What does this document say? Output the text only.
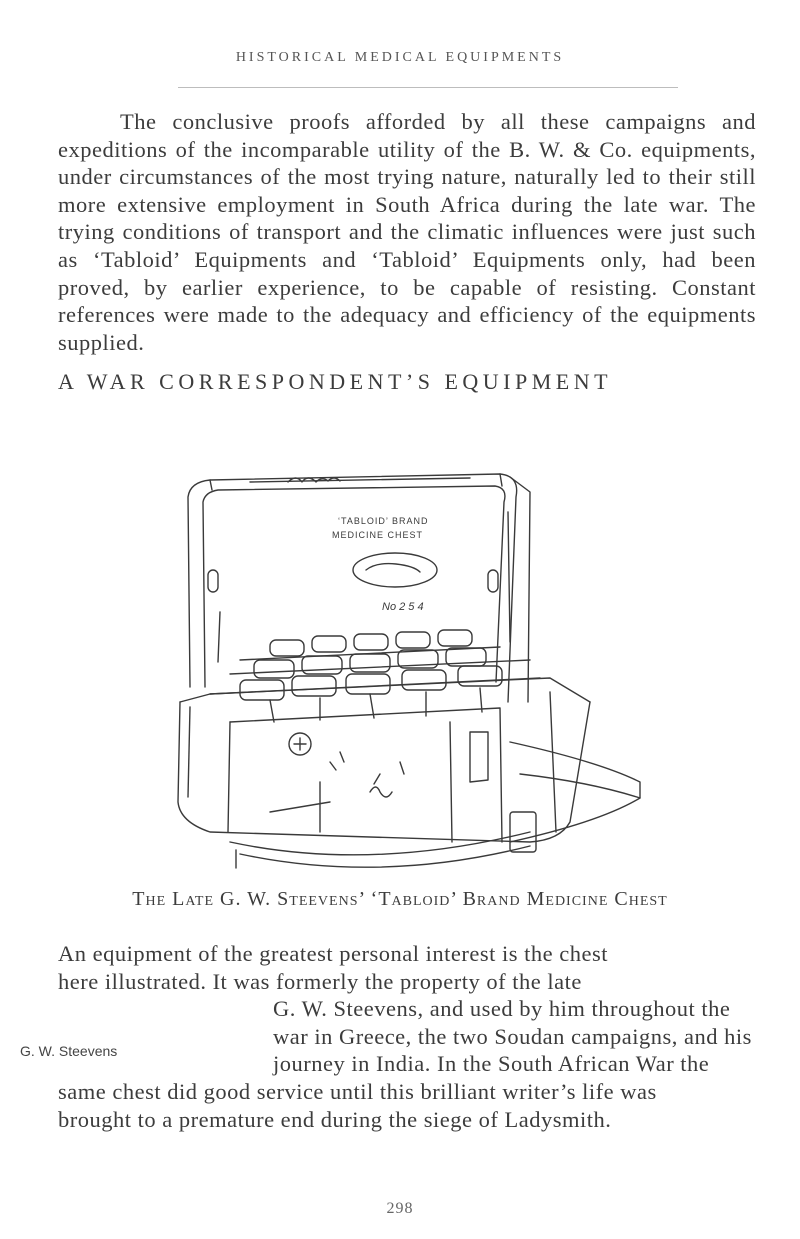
HISTORICAL MEDICAL EQUIPMENTS

The conclusive proofs afforded by all these campaigns and expeditions of the incomparable utility of the B. W. & Co. equipments, under circumstances of the most trying nature, naturally led to their still more extensive employment in South Africa during the late war. The trying conditions of transport and the climatic influences were just such as ‘Tabloid’ Equipments and ‘Tabloid’ Equipments only, had been proved, by earlier experience, to be capable of resisting. Constant references were made to the adequacy and efficiency of the equipments supplied.

A WAR CORRESPONDENT’S EQUIPMENT
‘TABLOID’ BRAND
MEDICINE CHEST
No 2 5 4
The Late G. W. Steevens’ ‘Tabloid’ Brand Medicine Chest
An equipment of the greatest personal interest is the chest
here illustrated. It was formerly the property of the late
G. W. Steevens, and used by him throughout the
war in Greece, the two Soudan campaigns, and his
journey in India. In the South African War the
same chest did good service until this brilliant writer’s life was
brought to a premature end during the siege of Ladysmith.
G. W. Steevens
298
